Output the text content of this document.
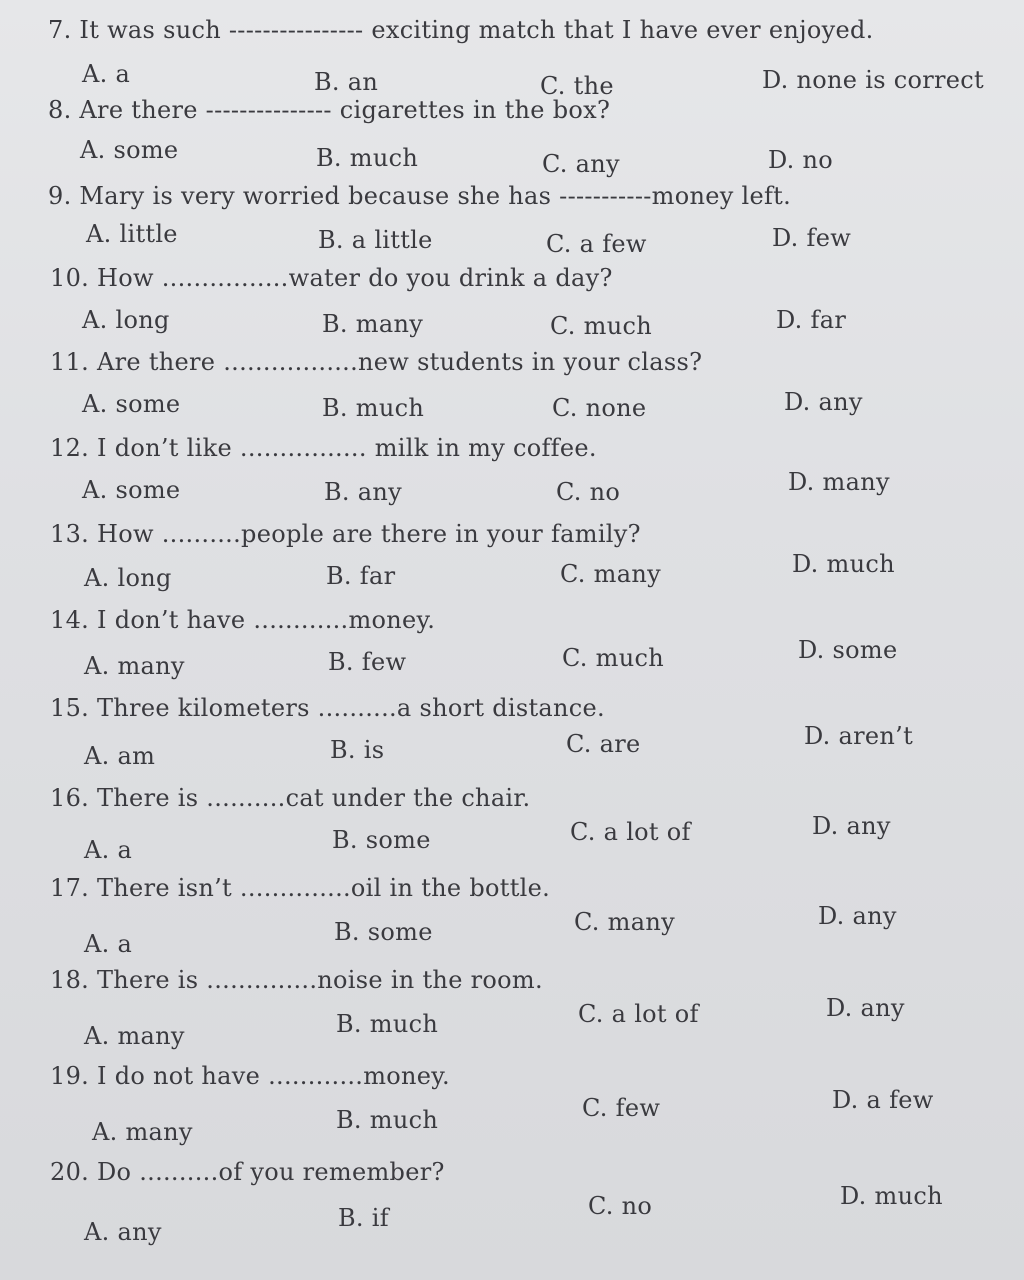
7. It was such ---------------- exciting match that I have ever enjoyed.
A. a	B. an	C. the	D. none is correct
8. Are there --------------- cigarettes in the box?
A. some	B. much	C. any	D. no
9. Mary is very worried because she has -----------money left.
A. little	B. a little	C. a few	D. few
10. How ................water do you drink a day?
A. long	B. many	C. much	D. far
11. Are there .................new students in your class?
A. some	B. much	C. none	D. any
12. I don’t like ................ milk in my coffee.
A. some	B. any	C. no	D. many
13. How ..........people are there in your family?
A. long	B. far	C. many	D. much
14. I don’t have ............money.
A. many	B. few	C. much	D. some
15. Three kilometers ..........a short distance.
A. am	B. is	C. are	D. aren’t
16. There is ..........cat under the chair.
A. a	B. some	C. a lot of	D. any
17. There isn’t ..............oil in the bottle.
A. a	B. some	C. many	D. any
18. There is ..............noise in the room.
A. many	B. much	C. a lot of	D. any
19. I do not have ............money.
A. many	B. much	C. few	D. a few
20. Do ..........of you remember?
A. any	B. if	C. no	D. much
